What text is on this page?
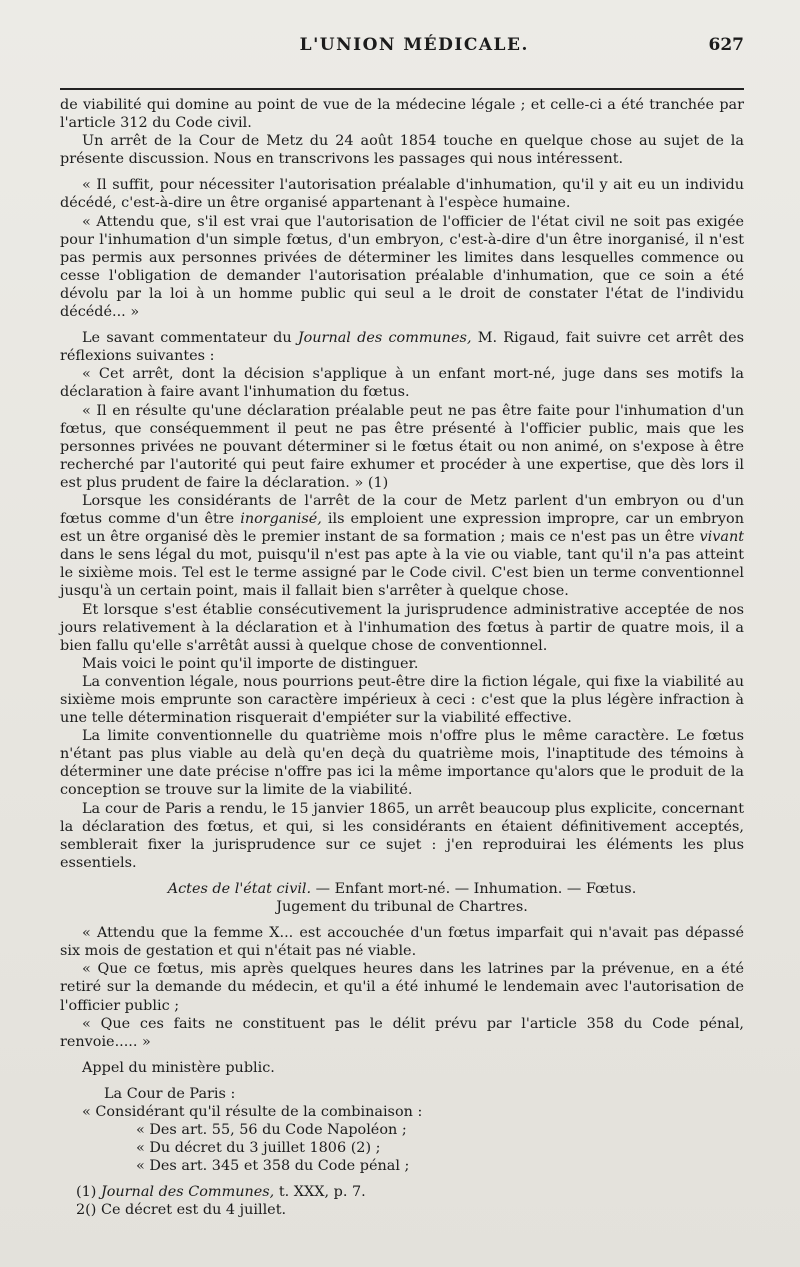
L'UNION MÉDICALE.	627

de viabilité qui domine au point de vue de la médecine légale ; et celle-ci a été tranchée par l'article 312 du Code civil.

Un arrêt de la Cour de Metz du 24 août 1854 touche en quelque chose au sujet de la présente discussion. Nous en transcrivons les passages qui nous intéressent.

« Il suffit, pour nécessiter l'autorisation préalable d'inhumation, qu'il y ait eu un individu décédé, c'est-à-dire un être organisé appartenant à l'espèce humaine.

« Attendu que, s'il est vrai que l'autorisation de l'officier de l'état civil ne soit pas exigée pour l'inhumation d'un simple fœtus, d'un embryon, c'est-à-dire d'un être inorganisé, il n'est pas permis aux personnes privées de déterminer les limites dans lesquelles commence ou cesse l'obligation de demander l'autorisation préalable d'inhumation, que ce soin a été dévolu par la loi à un homme public qui seul a le droit de constater l'état de l'individu décédé... »

Le savant commentateur du Journal des communes, M. Rigaud, fait suivre cet arrêt des réflexions suivantes :

« Cet arrêt, dont la décision s'applique à un enfant mort-né, juge dans ses motifs la déclaration à faire avant l'inhumation du fœtus.

« Il en résulte qu'une déclaration préalable peut ne pas être faite pour l'inhumation d'un fœtus, que conséquemment il peut ne pas être présenté à l'officier public, mais que les personnes privées ne pouvant déterminer si le fœtus était ou non animé, on s'expose à être recherché par l'autorité qui peut faire exhumer et procéder à une expertise, que dès lors il est plus prudent de faire la déclaration. » (1)

Lorsque les considérants de l'arrêt de la cour de Metz parlent d'un embryon ou d'un fœtus comme d'un être inorganisé, ils emploient une expression impropre, car un embryon est un être organisé dès le premier instant de sa formation ; mais ce n'est pas un être vivant dans le sens légal du mot, puisqu'il n'est pas apte à la vie ou viable, tant qu'il n'a pas atteint le sixième mois. Tel est le terme assigné par le Code civil. C'est bien un terme conventionnel jusqu'à un certain point, mais il fallait bien s'arrêter à quelque chose.

Et lorsque s'est établie consécutivement la jurisprudence administrative acceptée de nos jours relativement à la déclaration et à l'inhumation des fœtus à partir de quatre mois, il a bien fallu qu'elle s'arrêtât aussi à quelque chose de conventionnel.

Mais voici le point qu'il importe de distinguer.

La convention légale, nous pourrions peut-être dire la fiction légale, qui fixe la viabilité au sixième mois emprunte son caractère impérieux à ceci : c'est que la plus légère infraction à une telle détermination risquerait d'empiéter sur la viabilité effective.

La limite conventionnelle du quatrième mois n'offre plus le même caractère. Le fœtus n'étant pas plus viable au delà qu'en deçà du quatrième mois, l'inaptitude des témoins à déterminer une date précise n'offre pas ici la même importance qu'alors que le produit de la conception se trouve sur la limite de la viabilité.

La cour de Paris a rendu, le 15 janvier 1865, un arrêt beaucoup plus explicite, concernant la déclaration des fœtus, et qui, si les considérants en étaient définitivement acceptés, semblerait fixer la jurisprudence sur ce sujet : j'en reproduirai les éléments les plus essentiels.

Actes de l'état civil. — Enfant mort-né. — Inhumation. — Fœtus.

Jugement du tribunal de Chartres.

« Attendu que la femme X... est accouchée d'un fœtus imparfait qui n'avait pas dépassé six mois de gestation et qui n'était pas né viable.

« Que ce fœtus, mis après quelques heures dans les latrines par la prévenue, en a été retiré sur la demande du médecin, et qu'il a été inhumé le lendemain avec l'autorisation de l'officier public ;

« Que ces faits ne constituent pas le délit prévu par l'article 358 du Code pénal, renvoie..... »

Appel du ministère public.

La Cour de Paris :

« Considérant qu'il résulte de la combinaison :

« Des art. 55, 56 du Code Napoléon ;

« Du décret du 3 juillet 1806 (2) ;

« Des art. 345 et 358 du Code pénal ;

(1) Journal des Communes, t. XXX, p. 7.

2() Ce décret est du 4 juillet.
